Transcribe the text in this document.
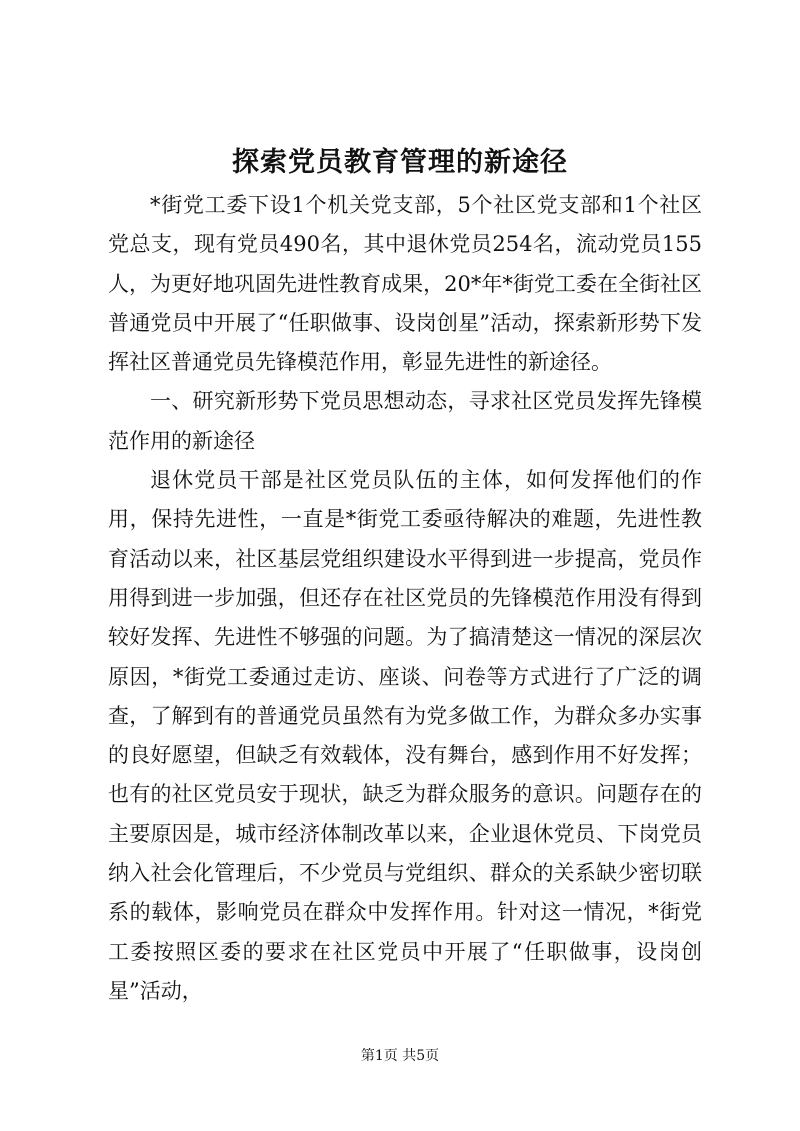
探索党员教育管理的新途径

*街党工委下设1个机关党支部，5个社区党支部和1个社区党总支，现有党员490名，其中退休党员254名，流动党员155人，为更好地巩固先进性教育成果，20*年*街党工委在全街社区普通党员中开展了“任职做事、设岗创星”活动，探索新形势下发挥社区普通党员先锋模范作用，彰显先进性的新途径。

一、研究新形势下党员思想动态，寻求社区党员发挥先锋模范作用的新途径

退休党员干部是社区党员队伍的主体，如何发挥他们的作用，保持先进性，一直是*街党工委亟待解决的难题，先进性教育活动以来，社区基层党组织建设水平得到进一步提高，党员作用得到进一步加强，但还存在社区党员的先锋模范作用没有得到较好发挥、先进性不够强的问题。为了搞清楚这一情况的深层次原因，*街党工委通过走访、座谈、问卷等方式进行了广泛的调查，了解到有的普通党员虽然有为党多做工作，为群众多办实事的良好愿望，但缺乏有效载体，没有舞台，感到作用不好发挥；也有的社区党员安于现状，缺乏为群众服务的意识。问题存在的主要原因是，城市经济体制改革以来，企业退休党员、下岗党员纳入社会化管理后，不少党员与党组织、群众的关系缺少密切联系的载体，影响党员在群众中发挥作用。针对这一情况，*街党工委按照区委的要求在社区党员中开展了“任职做事，设岗创星”活动，

第1页 共5页
